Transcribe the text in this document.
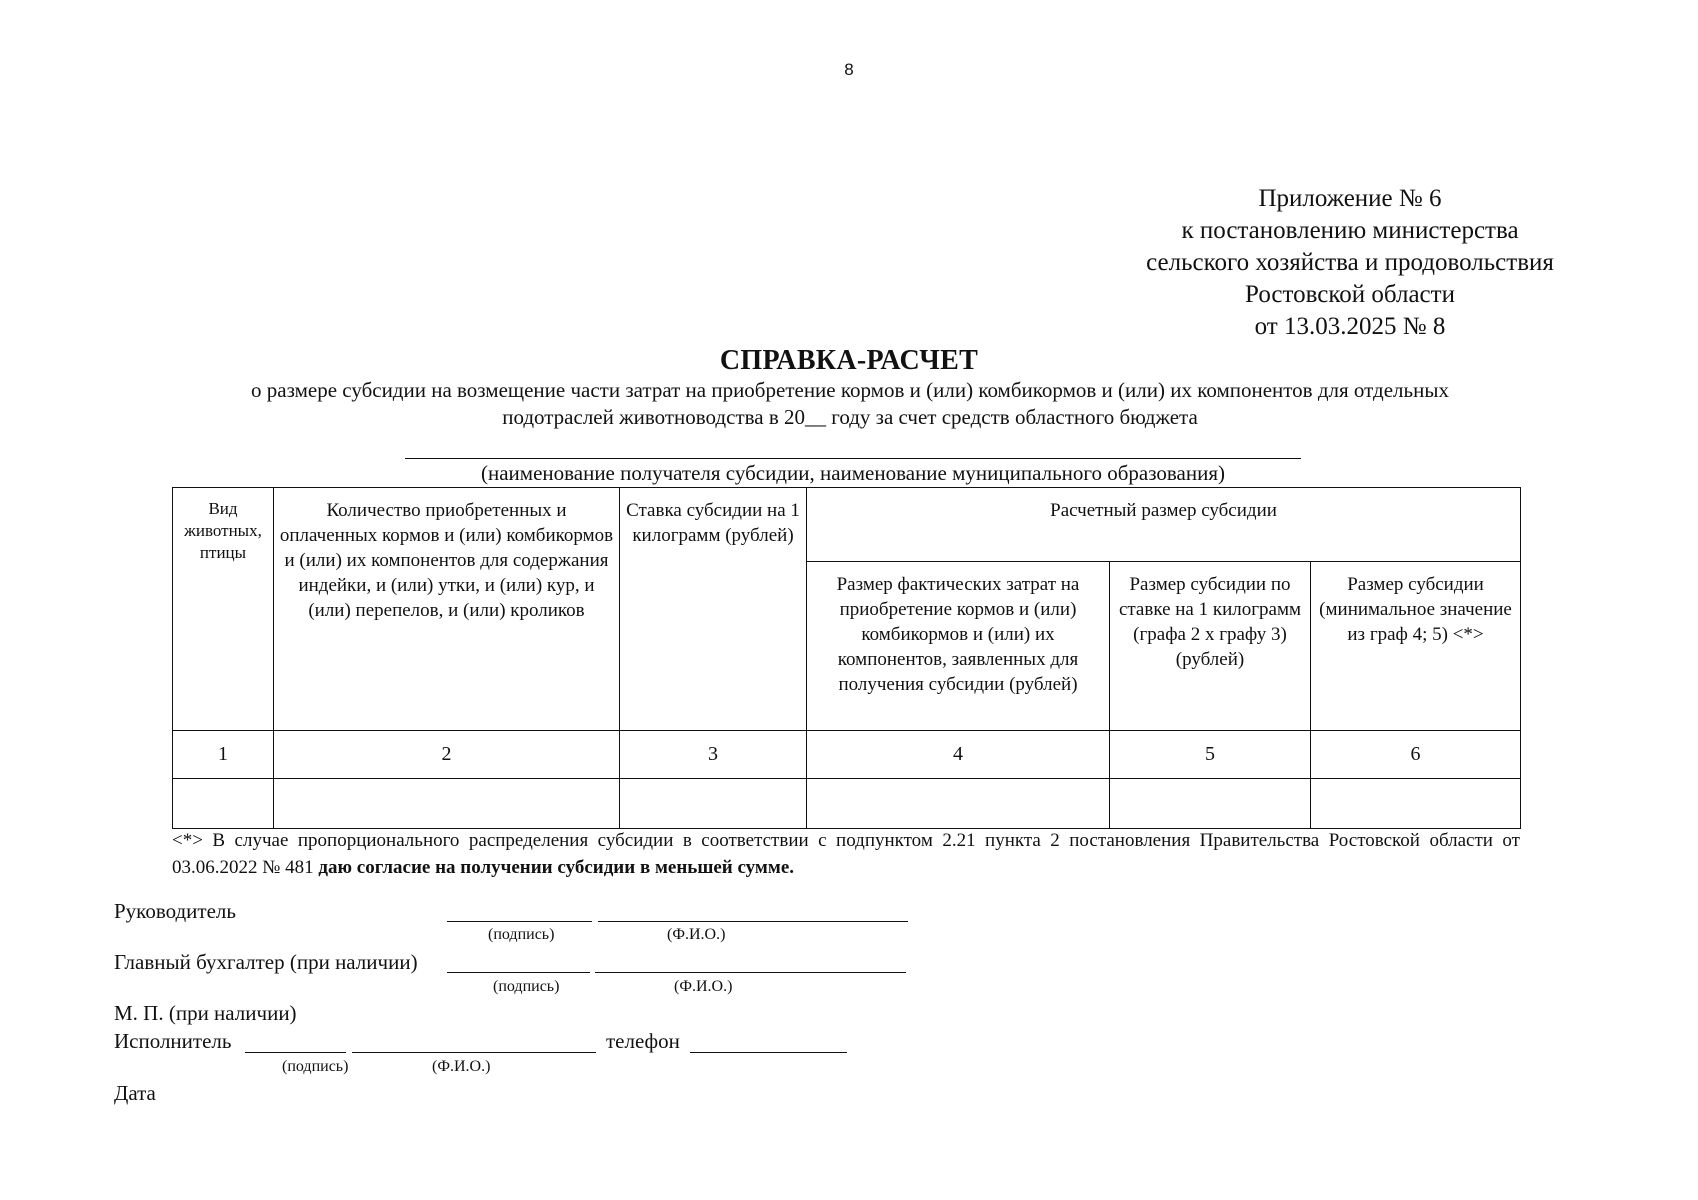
8
Приложение № 6
к постановлению министерства
сельского хозяйства и продовольствия
Ростовской области
от 13.03.2025 № 8
СПРАВКА-РАСЧЕТ
о размере субсидии на возмещение части затрат на приобретение кормов и (или) комбикормов и (или) их компонентов для отдельных
подотраслей животноводства в 20__ году за счет средств областного бюджета
(наименование получателя субсидии, наименование муниципального образования)
Вид животных, птицы	Количество приобретенных и оплаченных кормов и (или) комбикормов и (или) их компонентов для содержания индейки, и (или) утки, и (или) кур, и (или) перепелов, и (или) кроликов	Ставка субсидии на 1 килограмм (рублей)	Расчетный размер субсидии		
			Размер фактических затрат на приобретение кормов и (или) комбикормов и (или) их компонентов, заявленных для получения субсидии (рублей)	Размер субсидии по ставке на 1 килограмм (графа 2 х графу 3) (рублей)	Размер субсидии (минимальное значение из граф 4; 5) <*>
1	2	3	4	5	6

<*> В случае пропорционального распределения субсидии в соответствии с подпунктом 2.21 пункта 2 постановления Правительства Ростовской области от 03.06.2022 № 481 даю согласие на получении субсидии в меньшей сумме.
Руководитель
(подпись)	(Ф.И.О.)
Главный бухгалтер (при наличии)
(подпись)	(Ф.И.О.)
М. П. (при наличии)
Исполнитель	телефон
(подпись)	(Ф.И.О.)
Дата
